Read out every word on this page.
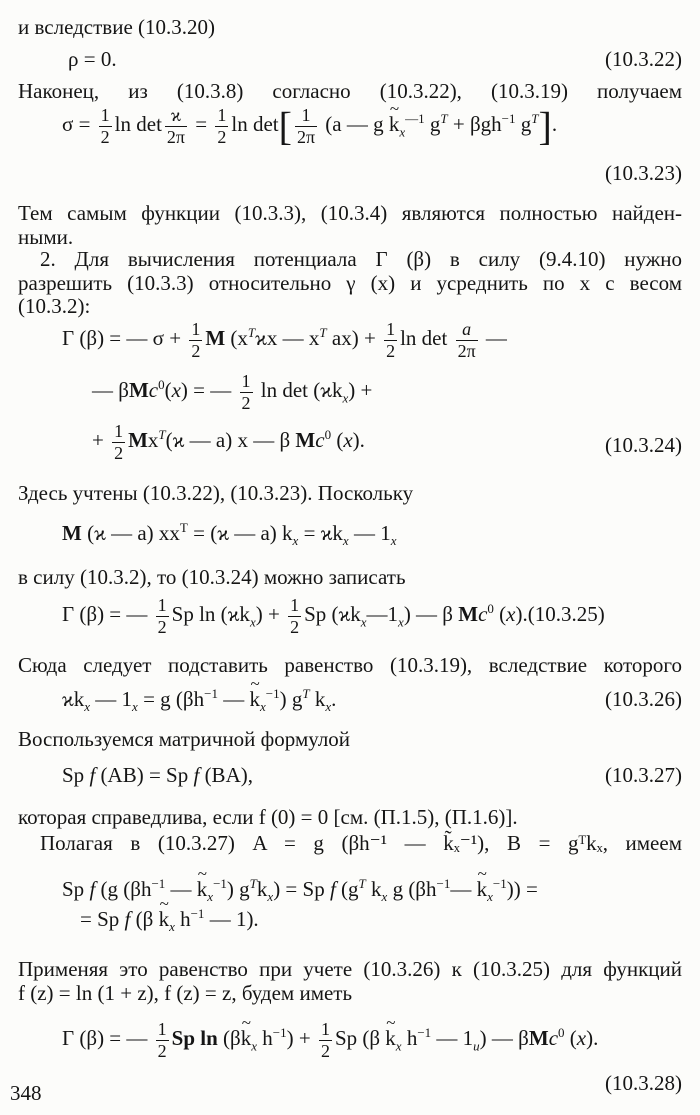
и вследствие (10.3.20)
ρ = 0.	(10.3.22)
Наконец, из (10.3.8) согласно (10.3.22), (10.3.19) получаем
$\sigma = \frac{1}{2}$ $\ln \det \frac{ϰ}{2\pi} = \frac{1}{2}$ $\ln \det[ \frac{1}{2\pi} (a$ — g ~ $k_x^{—1}$ $g^T + \beta gh^{-1}$ $g^T$].
(10.3.23)
Тем самым функции (10.3.3), (10.3.4) являются полностью найден-
ными.
2. Для вычисления потенциала Γ (β) в силу (9.4.10) нужно
разрешить (10.3.3) относительно γ (x) и усреднить по x с весом
(10.3.2):
Γ (β) = — $\sigma + \frac{1}{2}$ M ($x^Tϰx$ — $x^T$ $ax) + \frac{1}{2}$ $\ln \det \frac{a}{2\pi}$ —
— βMc$^0$(x) = — $\frac{1}{2}$ $\ln \det (ϰk_x)$ +
+ $\frac{1}{2} Mx^T(ϰ$ — a) x — β Mc$^0$ (x).	(10.3.24)
Здесь учтены (10.3.22), (10.3.23). Поскольку
M (ϰ — a) $xx^T = (ϰ$ — a) $k_x = ϰk_x$ — $1_x$
в силу (10.3.2), то (10.3.24) можно записать
Γ (β) = — $\frac{1}{2}$ Sp $\ln (ϰk_x) + \frac{1}{2}$ Sp $(ϰk_x—1_x)$ — β Mc$^0$ (x).(10.3.25)
Сюда следует подставить равенство (10.3.19), вследствие которого
$ϰk_x$ — $1_x = g$ ($\beta h^{-1}$ — ~ $k_x^{-1}$) $g^T$ $k_x$.	(10.3.26)
Воспользуемся матричной формулой
Sp f (AB) = Sp f (BA),	(10.3.27)
которая справедлива, если f (0) = 0 [см. (П.1.5), (П.1.6)].
Полагая в (10.3.27) A = g (βh⁻¹ — k̃ₓ⁻¹), B = gᵀkₓ, имеем
Sp f (g ($\beta h^{-1}$ — ~ $k_x^{-1}$) $g^Tk_x) = Sp$ f ($g^T$ $k_x$ g ($\beta h^{-1}—$ ~ $k_x^{-1}$)) =
= Sp f (β ~ $k_x$ $h^{-1}$ — 1).
Применяя это равенство при учете (10.3.26) к (10.3.25) для функций
f (z) = ln (1 + z), f (z) = z, будем иметь
Γ (β) = — $\frac{1}{2}$ Sp ln (β~ $k_x$ $h^{-1}) + \frac{1}{2}$ Sp (β ~ $k_x$ $h^{-1}$ — $1_u$) — βMc$^0$ (x).
(10.3.28)
348
